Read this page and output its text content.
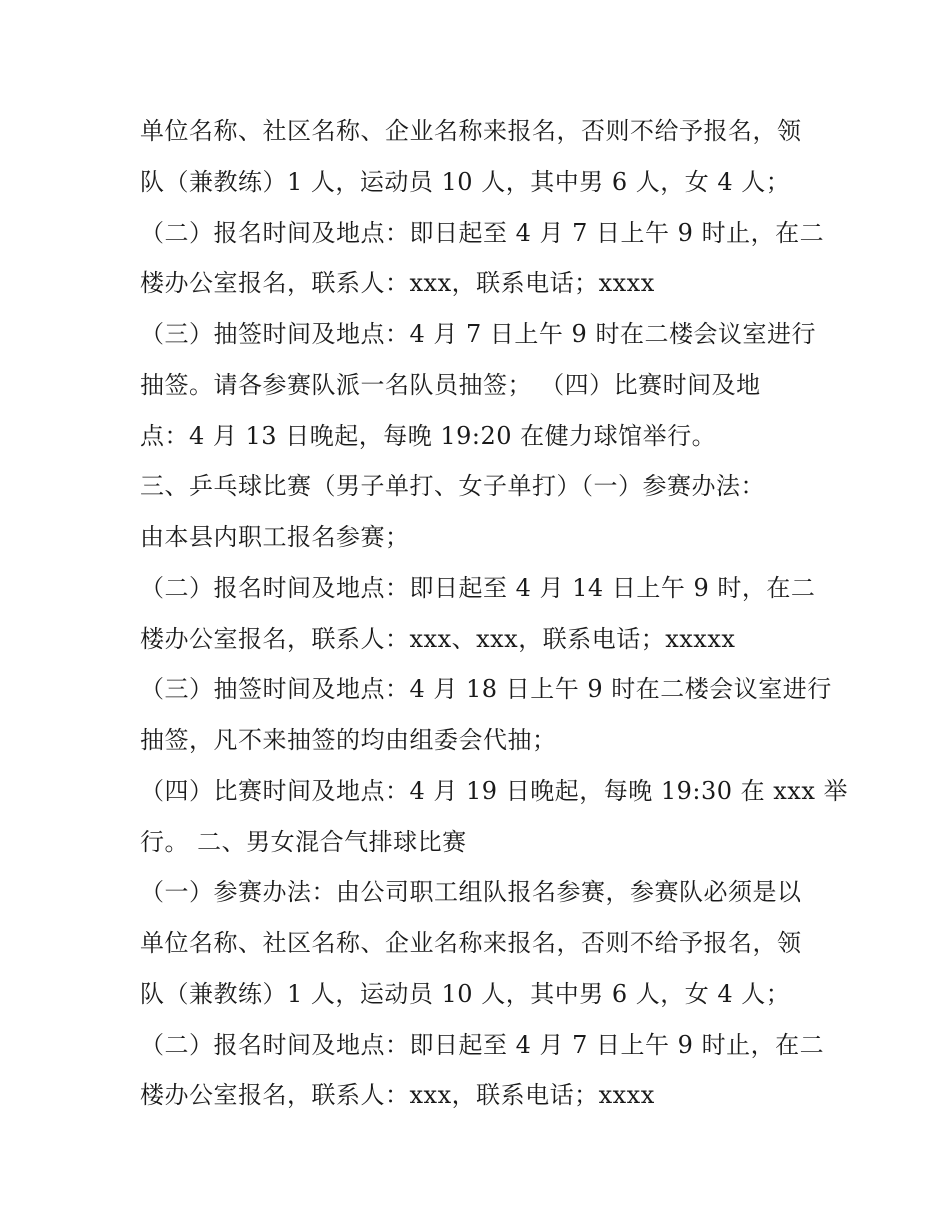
单位名称、社区名称、企业名称来报名，否则不给予报名，领
队（兼教练）1 人，运动员 10 人，其中男 6 人，女 4 人；
（二）报名时间及地点：即日起至 4 月 7 日上午 9 时止，在二
楼办公室报名，联系人：xxx，联系电话；xxxx
（三）抽签时间及地点：4 月 7 日上午 9 时在二楼会议室进行
抽签。请各参赛队派一名队员抽签； （四）比赛时间及地
点：4 月 13 日晚起，每晚 19:20 在健力球馆举行。
三、乒乓球比赛（男子单打、女子单打）（一）参赛办法：
由本县内职工报名参赛；
（二）报名时间及地点：即日起至 4 月 14 日上午 9 时，在二
楼办公室报名，联系人：xxx、xxx，联系电话；xxxxx
（三）抽签时间及地点：4 月 18 日上午 9 时在二楼会议室进行
抽签，凡不来抽签的均由组委会代抽；
（四）比赛时间及地点：4 月 19 日晚起，每晚 19:30 在 xxx 举
行。 二、男女混合气排球比赛
（一）参赛办法：由公司职工组队报名参赛，参赛队必须是以
单位名称、社区名称、企业名称来报名，否则不给予报名，领
队（兼教练）1 人，运动员 10 人，其中男 6 人，女 4 人；
（二）报名时间及地点：即日起至 4 月 7 日上午 9 时止，在二
楼办公室报名，联系人：xxx，联系电话；xxxx
